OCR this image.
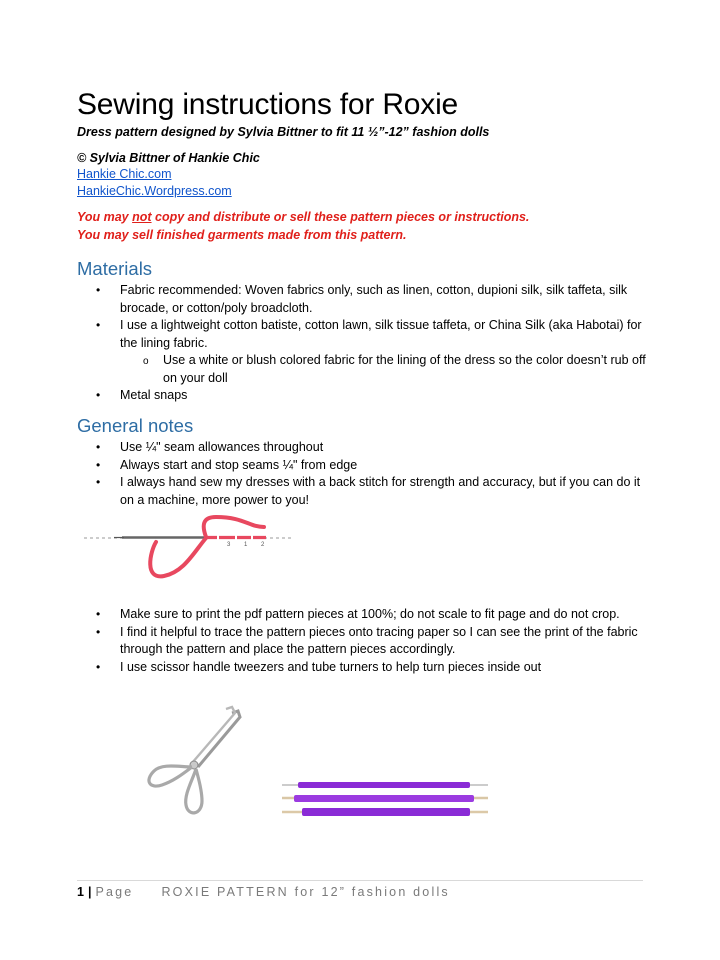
Sewing instructions for Roxie
Dress pattern designed by Sylvia Bittner to fit 11 ½”-12” fashion dolls
© Sylvia Bittner of Hankie Chic
Hankie Chic.com
HankieChic.Wordpress.com
You may not copy and distribute or sell these pattern pieces or instructions.
You may sell finished garments made from this pattern.
Materials
• Fabric recommended: Woven fabrics only, such as linen, cotton, dupioni silk, silk taffeta, silk brocade, or cotton/poly broadcloth.
• I use a lightweight cotton batiste, cotton lawn, silk tissue taffeta, or China Silk (aka Habotai) for the lining fabric.
o Use a white or blush colored fabric for the lining of the dress so the color doesn’t rub off on your doll
• Metal snaps
General notes
• Use ¼" seam allowances throughout
• Always start and stop seams ¼" from edge
• I always hand sew my dresses with a back stitch for strength and accuracy, but if you can do it on a machine, more power to you!
3 1 2
• Make sure to print the pdf pattern pieces at 100%; do not scale to fit page and do not crop.
• I find it helpful to trace the pattern pieces onto tracing paper so I can see the print of the fabric through the pattern and place the pattern pieces accordingly.
• I use scissor handle tweezers and tube turners to help turn pieces inside out
1 | Page ROXIE PATTERN for 12” fashion dolls
